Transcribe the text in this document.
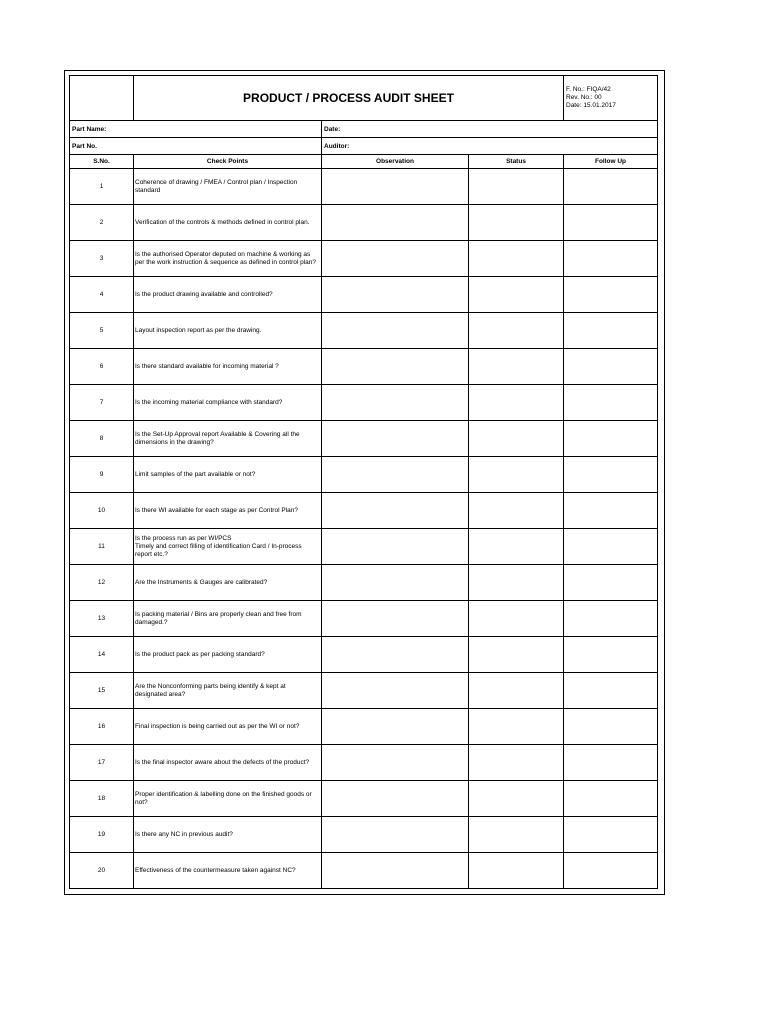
	PRODUCT / PROCESS AUDIT SHEET			F. No.: FIQA/42
Rev. No.: 00
Date: 15.01.2017

Part Name:		Date:		
Part No.		Auditor:		
S.No.	Check Points	Observation	Status	Follow Up
1	Coherence of drawing / FMEA / Control plan / Inspection standard			
2	Verification of the controls & methods defined in control plan.			
3	Is the authorised Operator deputed on machine & working as per the work instruction & sequence as defined in control plan?			
4	Is the product drawing available and controlled?			
5	Layout inspection report as per the drawing.			
6	Is there standard available for incoming material ?			
7	Is the incoming material compliance with standard?			
8	Is the Set-Up Approval report Available & Covering all the dimensions in the drawing?			
9	Limit samples of the part available or not?			
10	Is there WI available for each stage as per Control Plan?			
11	Is the process run as per WI/PCS
Timely and correct filling of identification Card / In-process report etc.?			
12	Are the Instruments & Gauges are calibrated?			
13	Is packing material / Bins are properly clean and free from damaged.?			
14	Is the product pack as per packing standard?			
15	Are the Nonconforming parts being identify & kept at designated area?			
16	Final inspection is being carried out as per the WI or not?			
17	Is the final inspector aware about the defects of the product?			
18	Proper identification & labelling done on the finished goods or not?			
19	Is there any NC in previous audit?			
20	Effectiveness of the countermeasure taken against NC?			
